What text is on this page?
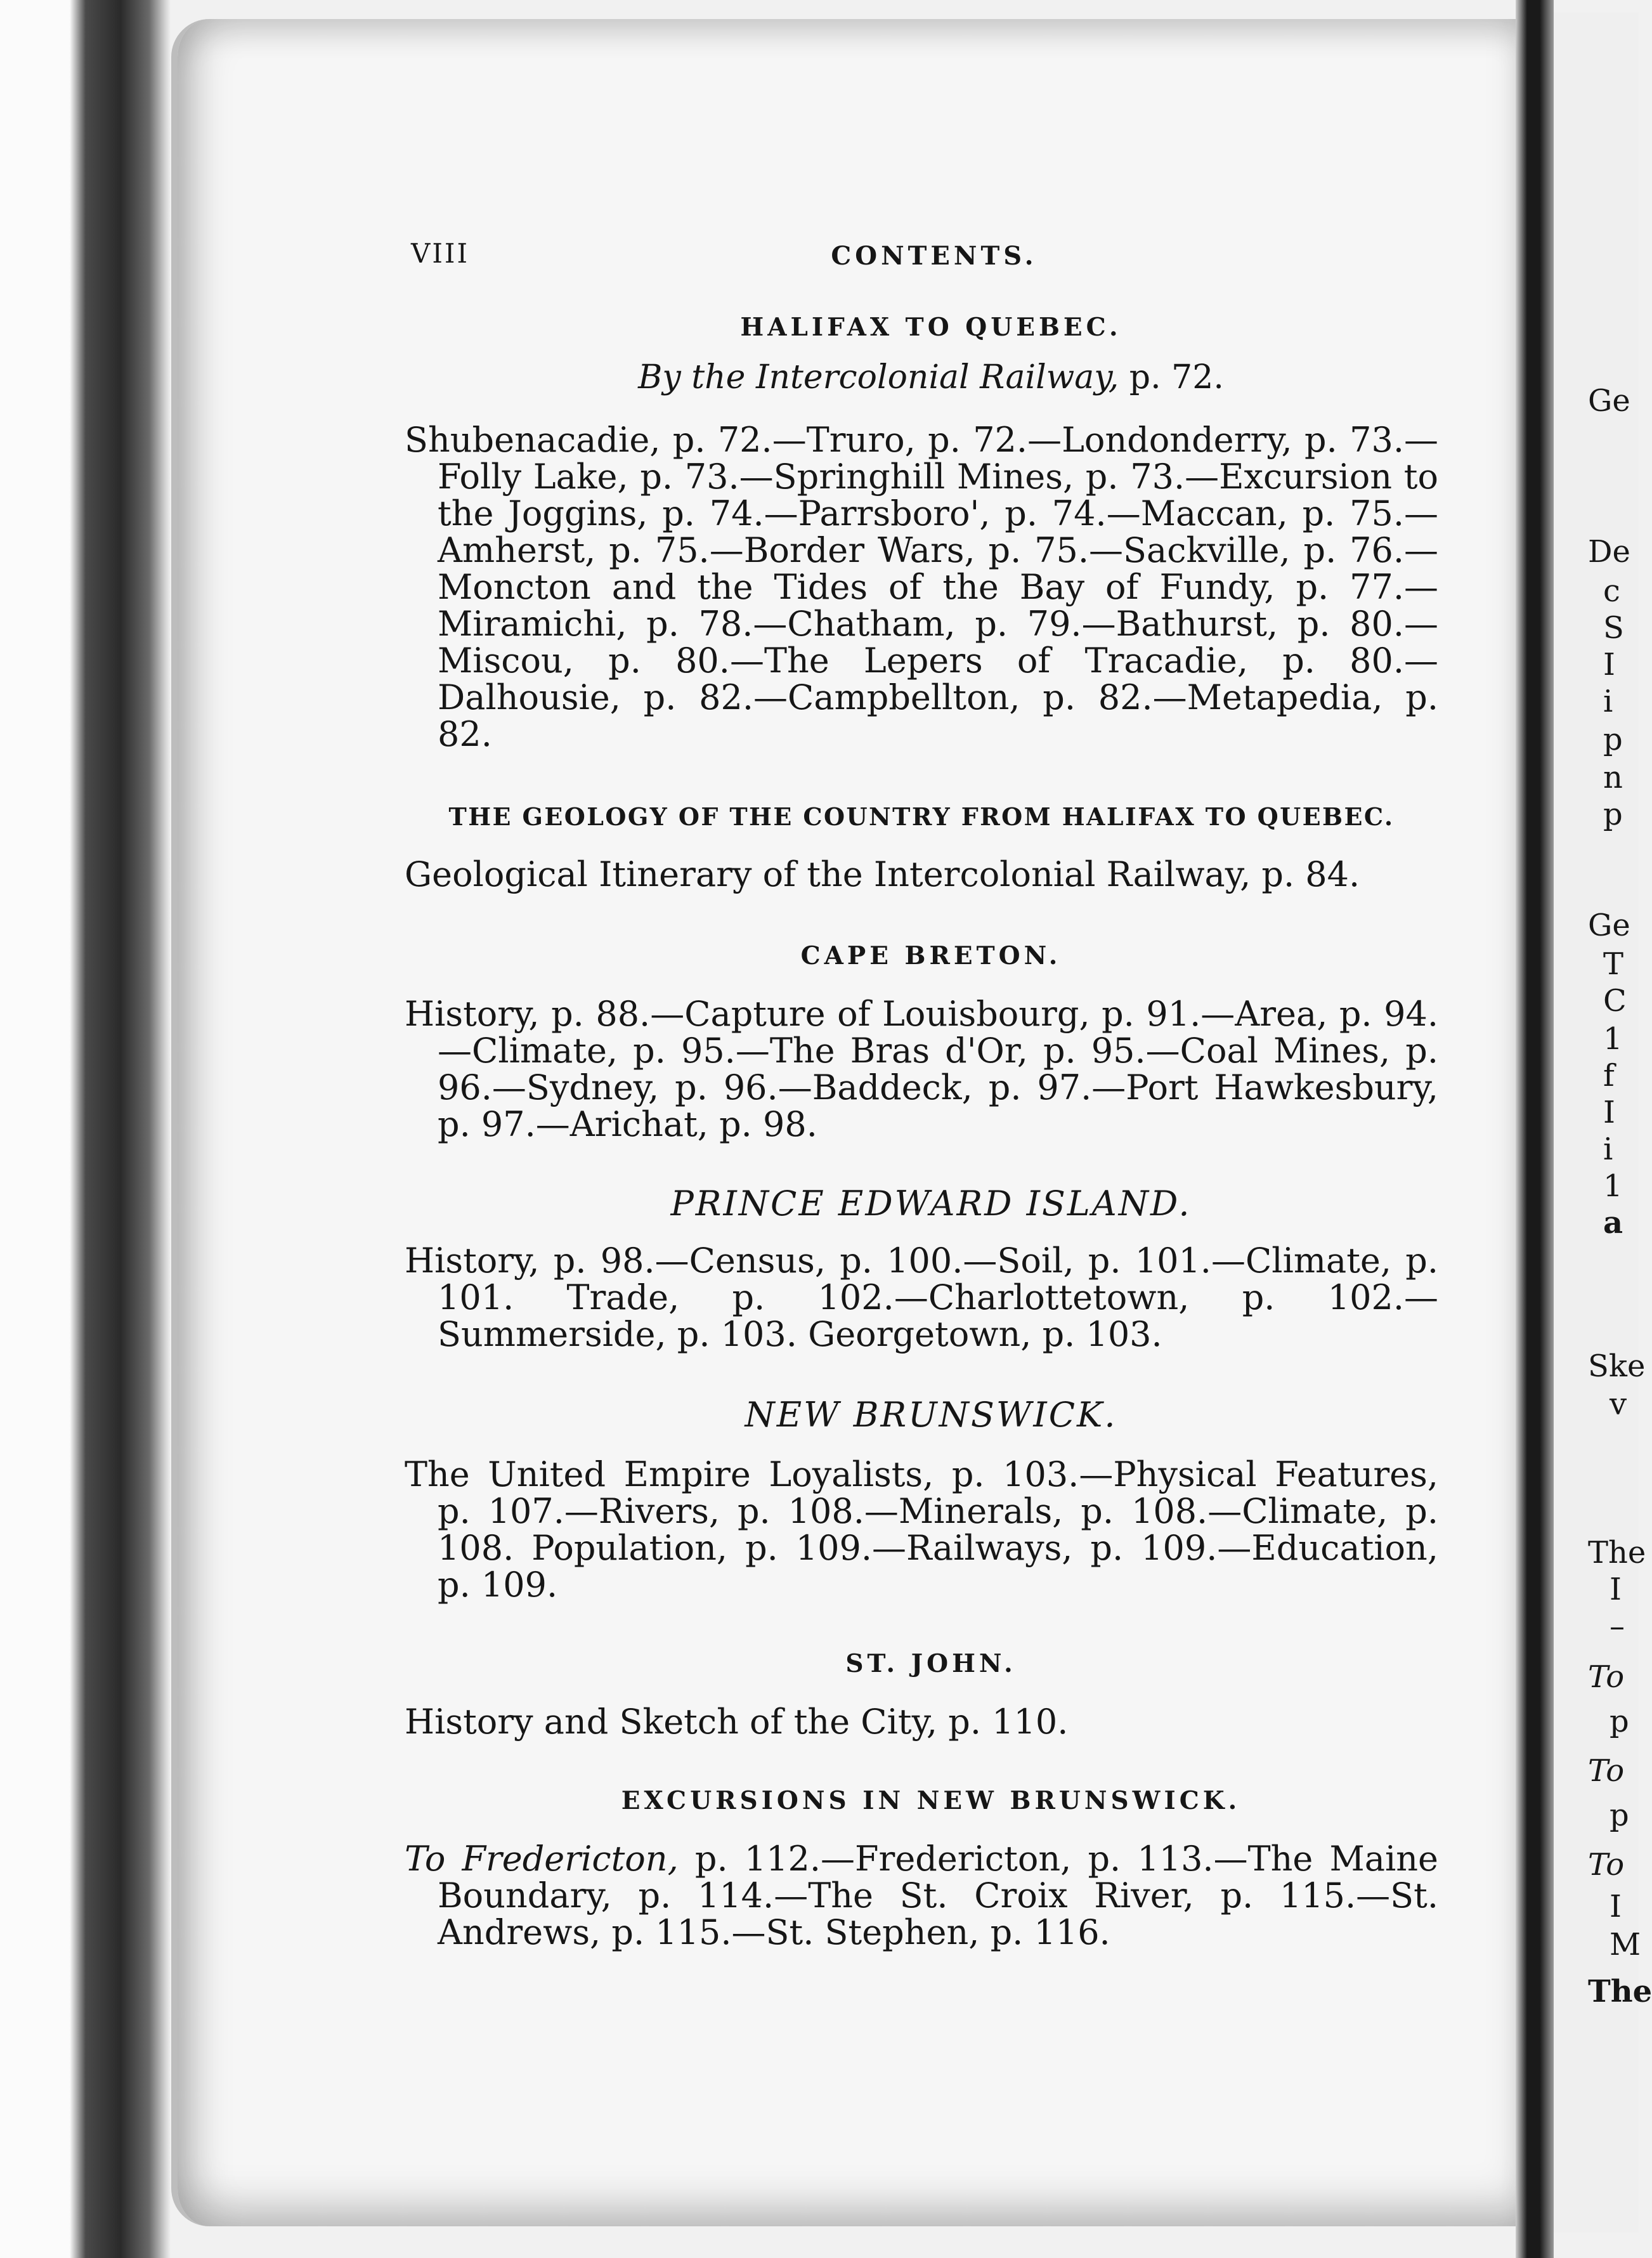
VIII	CONTENTS.
HALIFAX TO QUEBEC.

By the Intercolonial Railway, p. 72.

Shubenacadie, p. 72.—Truro, p. 72.—Londonderry, p. 73.—Folly Lake, p. 73.—Springhill Mines, p. 73.—Excursion to the Joggins, p. 74.—Parrsboro', p. 74.—Maccan, p. 75.—Amherst, p. 75.—Border Wars, p. 75.—Sackville, p. 76.—Moncton and the Tides of the Bay of Fundy, p. 77.—Miramichi, p. 78.—Chatham, p. 79.—Bathurst, p. 80.—Miscou, p. 80.—The Lepers of Tracadie, p. 80.—Dalhousie, p. 82.—Campbellton, p. 82.—Metapedia, p. 82.

THE GEOLOGY OF THE COUNTRY FROM HALIFAX TO QUEBEC.

Geological Itinerary of the Intercolonial Railway, p. 84.

CAPE BRETON.

History, p. 88.—Capture of Louisbourg, p. 91.—Area, p. 94.—Climate, p. 95.—The Bras d'Or, p. 95.—Coal Mines, p. 96.—Sydney, p. 96.—Baddeck, p. 97.—Port Hawkesbury, p. 97.—Arichat, p. 98.

PRINCE EDWARD ISLAND.

History, p. 98.—Census, p. 100.—Soil, p. 101.—Climate, p. 101. Trade, p. 102.—Charlottetown, p. 102.—Summerside, p. 103. Georgetown, p. 103.

NEW BRUNSWICK.

The United Empire Loyalists, p. 103.—Physical Features, p. 107.—Rivers, p. 108.—Minerals, p. 108.—Climate, p. 108. Population, p. 109.—Railways, p. 109.—Education, p. 109.

ST. JOHN.

History and Sketch of the City, p. 110.

EXCURSIONS IN NEW BRUNSWICK.

To Fredericton, p. 112.—Fredericton, p. 113.—The Maine Boundary, p. 114.—The St. Croix River, p. 115.—St. Andrews, p. 115.—St. Stephen, p. 116.

Ge
De
c
S
I
i
p
n
p
Ge
T
C
1
f
I
i
1
a
Ske
v
The
I
–
To
p
To
p
To
I
M
The
